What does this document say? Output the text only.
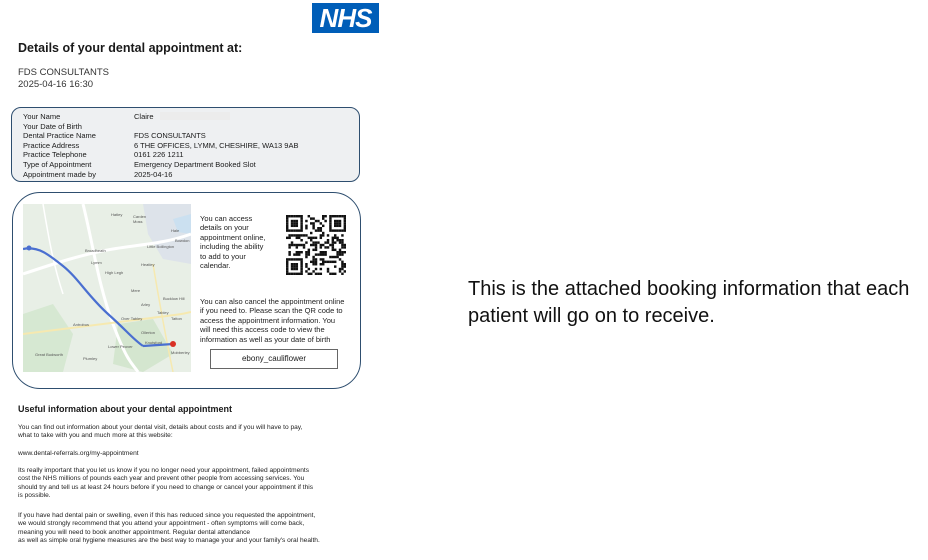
NHS
Details of your dental appointment at:
FDS CONSULTANTS
2025-04-16 16:30
Your Name	Claire
Your Date of Birth
Dental Practice Name	FDS CONSULTANTS
Practice Address	6 THE OFFICES, LYMM, CHESHIRE, WA13 9AB
Practice Telephone	0161 226 1211
Type of Appointment	Emergency Department Booked Slot
Appointment made by	2025-04-16
Hatley	Carden
Moss
Bowdon
Broadheath
Little Bollington
Lymm	Heatley
High Legh
Mere
Arley
Tabley
Tatton
Bucklow Hill
Knutsford
Hale
Mobberley
Ollerton
Plumley
Great Budworth
Antrobus
Lower Peover
Over Tabley
You can access
details on your
appointment online,
including the ability
to add to your
calendar.
You can also cancel the appointment online
if you need to. Please scan the QR code to
access the appointment information. You
will need this access code to view the
information as well as your date of birth
ebony_cauliflower
Useful information about your dental appointment
You can find out information about your dental visit, details about costs and if you will have to pay,
what to take with you and much more at this website:
www.dental-referrals.org/my-appointment
Its really important that you let us know if you no longer need your appointment, failed appointments
cost the NHS millions of pounds each year and prevent other people from accessing services. You
should try and tell us at least 24 hours before if you need to change or cancel your appointment if this
is possible.
If you have had dental pain or swelling, even if this has reduced since you requested the appointment,
we would strongly recommend that you attend your appointment - often symptoms will come back,
meaning you will need to book another appointment. Regular dental attendance
as well as simple oral hygiene measures are the best way to manage your and your family's oral health.
This is the attached booking information that each patient will go on to receive.
